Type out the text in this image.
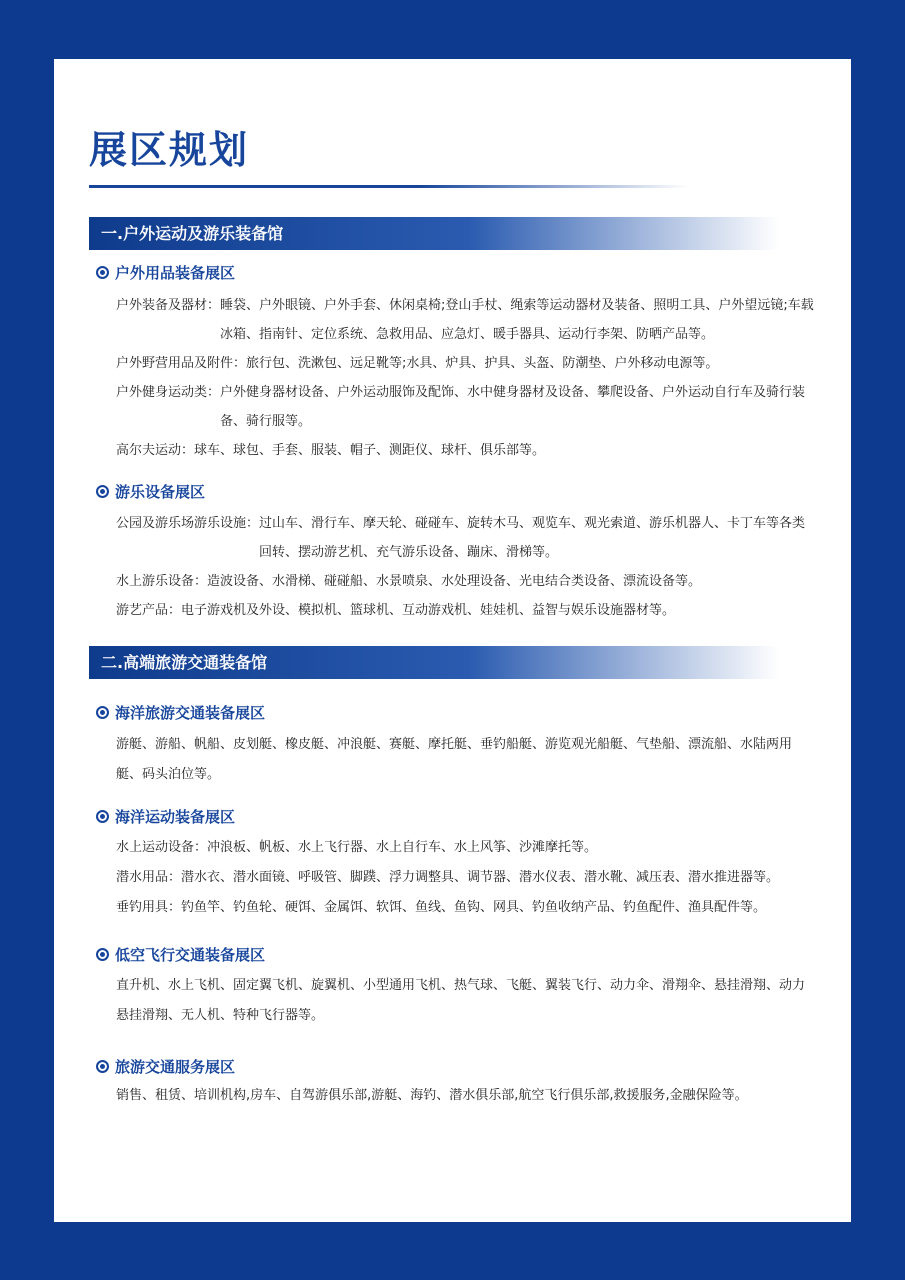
展区规划
一.户外运动及游乐装备馆
户外用品装备展区
户外装备及器材： 睡袋、户外眼镜、户外手套、休闲桌椅;登山手杖、绳索等运动器材及装备、照明工具、户外望远镜;车载冰箱、指南针、定位系统、急救用品、应急灯、暖手器具、运动行李架、防晒产品等。
户外野营用品及附件： 旅行包、洗漱包、远足靴等;水具、炉具、护具、头盔、防潮垫、户外移动电源等。
户外健身运动类： 户外健身器材设备、户外运动服饰及配饰、水中健身器材及设备、攀爬设备、户外运动自行车及骑行装备、骑行服等。
高尔夫运动： 球车、球包、手套、服装、帽子、测距仪、球杆、俱乐部等。
游乐设备展区
公园及游乐场游乐设施： 过山车、滑行车、摩天轮、碰碰车、旋转木马、观览车、观光索道、游乐机器人、卡丁车等各类回转、摆动游艺机、充气游乐设备、蹦床、滑梯等。
水上游乐设备： 造波设备、水滑梯、碰碰船、水景喷泉、水处理设备、光电结合类设备、漂流设备等。
游艺产品： 电子游戏机及外设、模拟机、篮球机、互动游戏机、娃娃机、益智与娱乐设施器材等。
二.高端旅游交通装备馆
海洋旅游交通装备展区
游艇、游船、帆船、皮划艇、橡皮艇、冲浪艇、赛艇、摩托艇、垂钓船艇、游览观光船艇、气垫船、漂流船、水陆两用艇、码头泊位等。
海洋运动装备展区
水上运动设备： 冲浪板、帆板、水上飞行器、水上自行车、水上风筝、沙滩摩托等。
潜水用品： 潜水衣、潜水面镜、呼吸管、脚蹼、浮力调整具、调节器、潜水仪表、潜水靴、减压表、潜水推进器等。
垂钓用具： 钓鱼竿、钓鱼轮、硬饵、金属饵、软饵、鱼线、鱼钩、网具、钓鱼收纳产品、钓鱼配件、渔具配件等。
低空飞行交通装备展区
直升机、水上飞机、固定翼飞机、旋翼机、小型通用飞机、热气球、飞艇、翼装飞行、动力伞、滑翔伞、悬挂滑翔、动力悬挂滑翔、无人机、特种飞行器等。
旅游交通服务展区
销售、租赁、培训机构,房车、自驾游俱乐部,游艇、海钓、潜水俱乐部,航空飞行俱乐部,救援服务,金融保险等。
